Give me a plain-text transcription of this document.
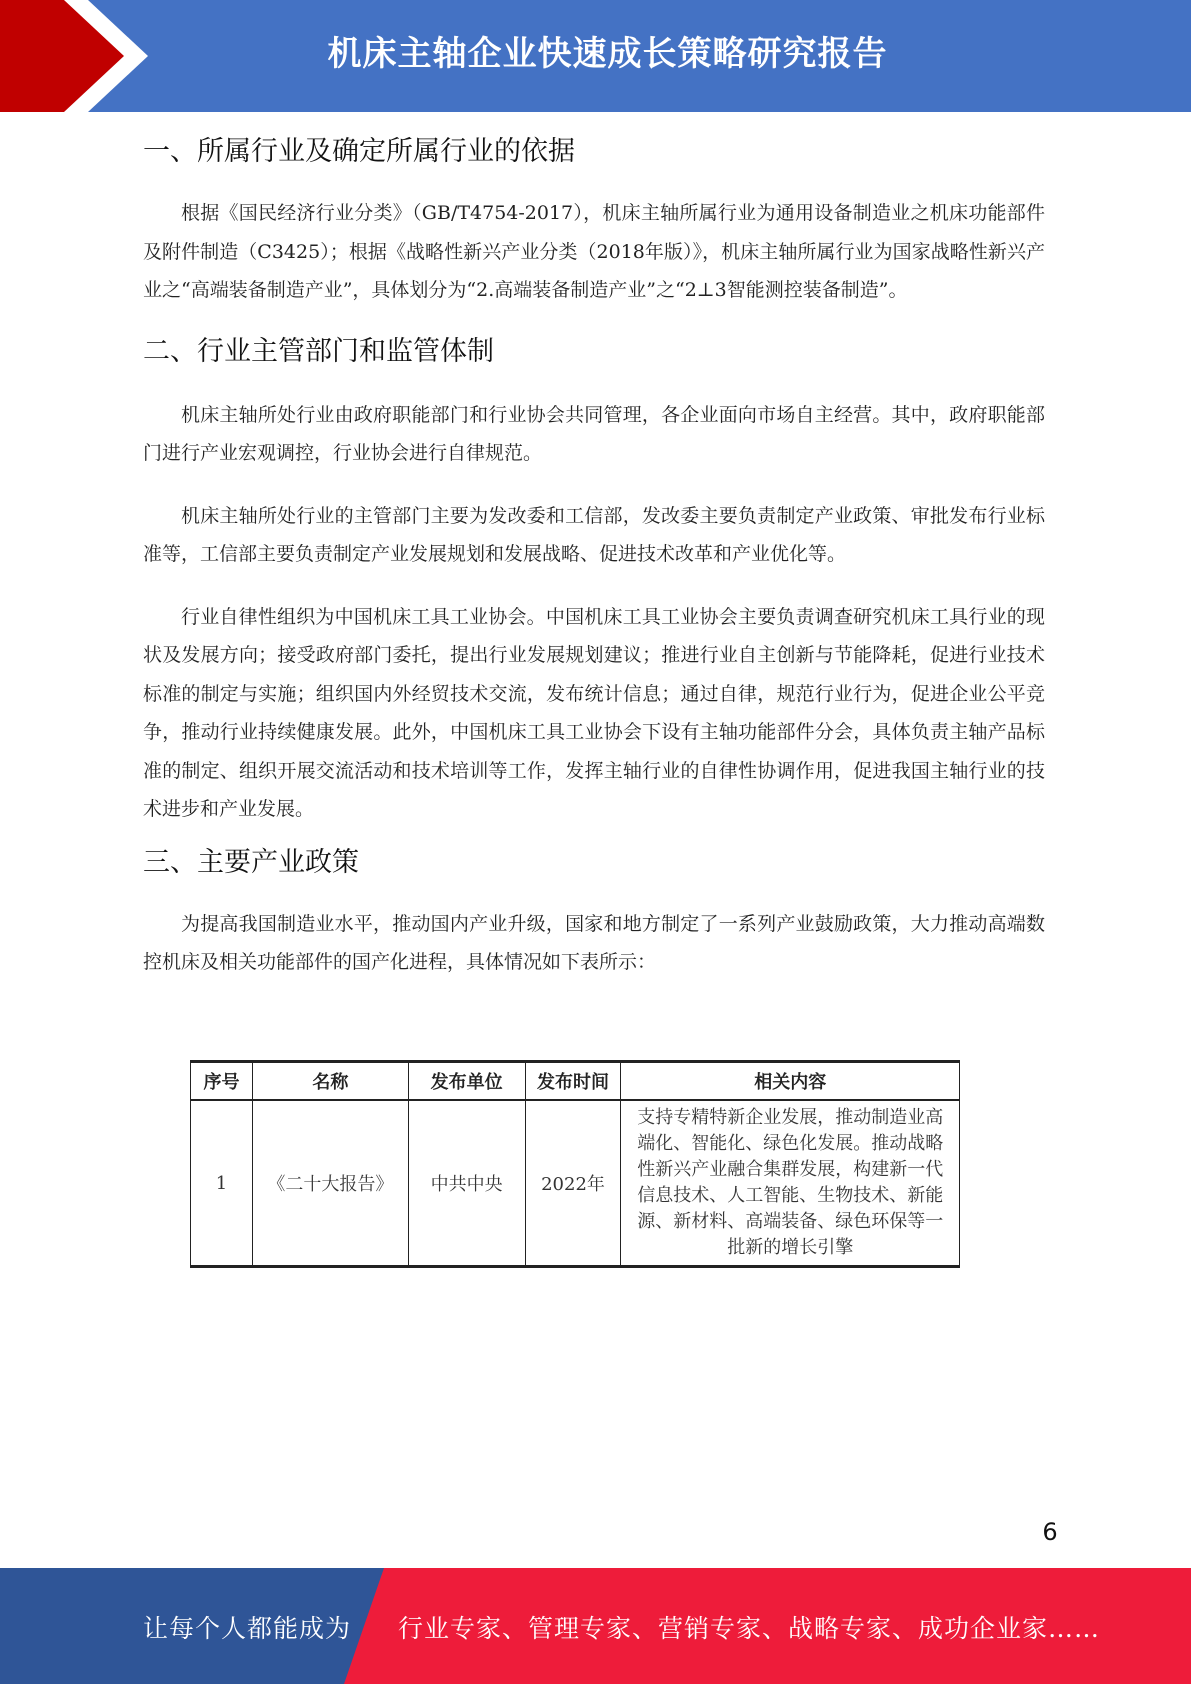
机床主轴企业快速成长策略研究报告
一、所属行业及确定所属行业的依据

根据《国民经济行业分类》（GB/T4754-2017），机床主轴所属行业为通用设备制造业之机床功能部件及附件制造（C3425）；根据《战略性新兴产业分类（2018年版）》，机床主轴所属行业为国家战略性新兴产业之“高端装备制造产业”，具体划分为“2.高端装备制造产业”之“2⊥3智能测控装备制造”。

二、行业主管部门和监管体制

机床主轴所处行业由政府职能部门和行业协会共同管理，各企业面向市场自主经营。其中，政府职能部门进行产业宏观调控，行业协会进行自律规范。

机床主轴所处行业的主管部门主要为发改委和工信部，发改委主要负责制定产业政策、审批发布行业标准等，工信部主要负责制定产业发展规划和发展战略、促进技术改革和产业优化等。

行业自律性组织为中国机床工具工业协会。中国机床工具工业协会主要负责调查研究机床工具行业的现状及发展方向；接受政府部门委托，提出行业发展规划建议；推进行业自主创新与节能降耗，促进行业技术标准的制定与实施；组织国内外经贸技术交流，发布统计信息；通过自律，规范行业行为，促进企业公平竞争，推动行业持续健康发展。此外，中国机床工具工业协会下设有主轴功能部件分会，具体负责主轴产品标准的制定、组织开展交流活动和技术培训等工作，发挥主轴行业的自律性协调作用，促进我国主轴行业的技术进步和产业发展。

三、主要产业政策

为提高我国制造业水平，推动国内产业升级，国家和地方制定了一系列产业鼓励政策，大力推动高端数控机床及相关功能部件的国产化进程，具体情况如下表所示：

序号	名称	发布单位	发布时间	相关内容
1	《二十大报告》	中共中央	2022年	支持专精特新企业发展，推动制造业高端化、智能化、绿色化发展。推动战略性新兴产业融合集群发展，构建新一代信息技术、人工智能、生物技术、新能源、新材料、高端装备、绿色环保等一批新的增长引擎
6
让每个人都能成为 行业专家、管理专家、营销专家、战略专家、成功企业家……
